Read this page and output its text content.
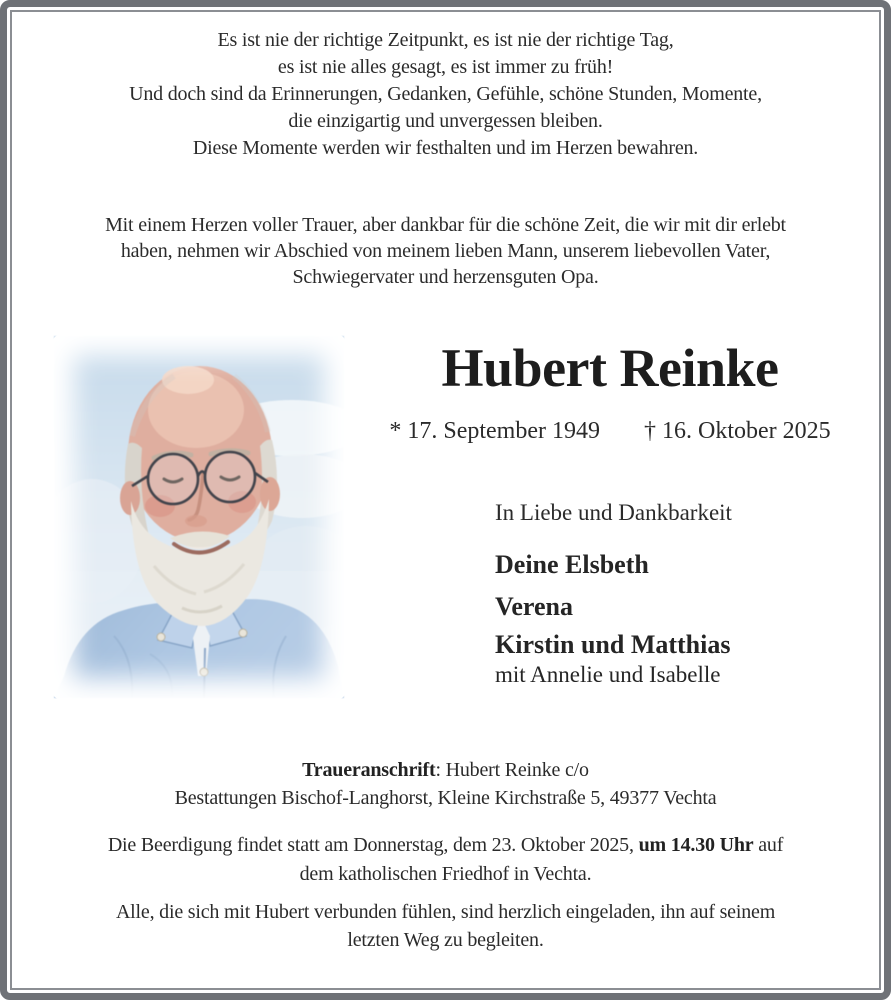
Es ist nie der richtige Zeitpunkt, es ist nie der richtige Tag,
es ist nie alles gesagt, es ist immer zu früh!
Und doch sind da Erinnerungen, Gedanken, Gefühle, schöne Stunden, Momente,
die einzigartig und unvergessen bleiben.
Diese Momente werden wir festhalten und im Herzen bewahren.
Mit einem Herzen voller Trauer, aber dankbar für die schöne Zeit, die wir mit dir erlebt
haben, nehmen wir Abschied von meinem lieben Mann, unserem liebevollen Vater,
Schwiegervater und herzensguten Opa.
Hubert Reinke
* 17. September 1949 † 16. Oktober 2025
In Liebe und Dankbarkeit
Deine Elsbeth
Verena
Kirstin und Matthias
mit Annelie und Isabelle
Traueranschrift: Hubert Reinke c/o
Bestattungen Bischof-Langhorst, Kleine Kirchstraße 5, 49377 Vechta
Die Beerdigung findet statt am Donnerstag, dem 23. Oktober 2025, um 14.30 Uhr auf
dem katholischen Friedhof in Vechta.
Alle, die sich mit Hubert verbunden fühlen, sind herzlich eingeladen, ihn auf seinem
letzten Weg zu begleiten.
